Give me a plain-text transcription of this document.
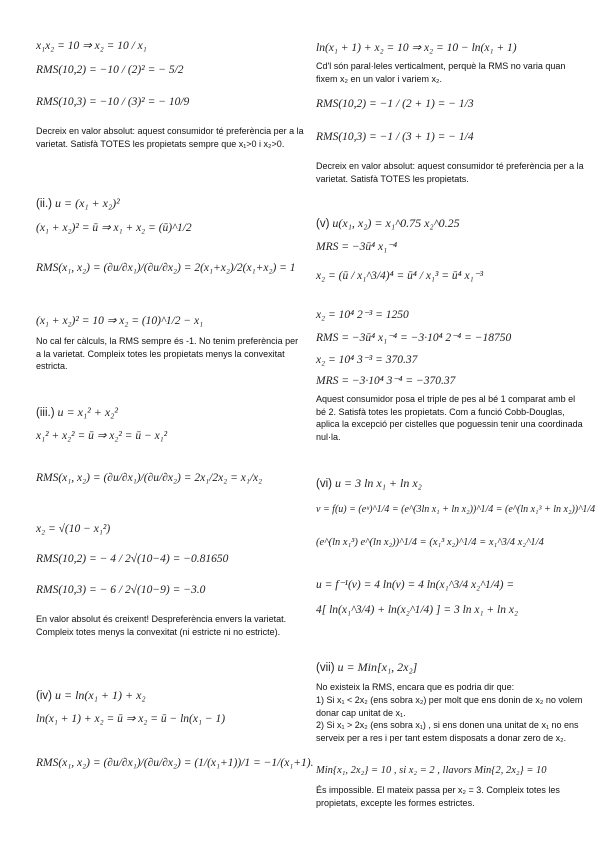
x₁x₂ = 10 ⇒ x₂ = 10 / x₁
RMS(10,2) = −10 / (2)² = − 5/2
RMS(10,3) = −10 / (3)² = − 10/9
Decreix en valor absolut: aquest consumidor té preferència per a la varietat. Satisfà TOTES les propietats sempre que x₁>0 i x₂>0.
(ii.) u = (x₁ + x₂)²
(x₁ + x₂)² = ū ⇒ x₁ + x₂ = (ū)^1/2
RMS(x₁, x₂) = (∂u/∂x₁)/(∂u/∂x₂) = 2(x₁+x₂)/2(x₁+x₂) = 1
(x₁ + x₂)² = 10 ⇒ x₂ = (10)^1/2 − x₁
No cal fer càlculs, la RMS sempre és -1. No tenim preferència per a la varietat. Compleix totes les propietats menys la convexitat estricta.
(iii.) u = x₁² + x₂²
x₁² + x₂² = ū ⇒ x₂² = ū − x₁²
RMS(x₁, x₂) = (∂u/∂x₁)/(∂u/∂x₂) = 2x₁/2x₂ = x₁/x₂
x₂ = √(10 − x₁²)
RMS(10,2) = − 4 / 2√(10−4) = −0.81650
RMS(10,3) = − 6 / 2√(10−9) = −3.0
En valor absolut és creixent! Despreferència envers la varietat. Compleix totes menys la convexitat (ni estricte ni no estricte).
(iv) u = ln(x₁ + 1) + x₂
ln(x₁ + 1) + x₂ = ū ⇒ x₂ = ū − ln(x₁ − 1)
RMS(x₁, x₂) = (∂u/∂x₁)/(∂u/∂x₂) = (1/(x₁+1))/1 = −1/(x₁+1).
ln(x₁ + 1) + x₂ = 10 ⇒ x₂ = 10 − ln(x₁ + 1)
Cd'l són paral·leles verticalment, perquè la RMS no varia quan fixem x₂ en un valor i variem x₂.
RMS(10,2) = −1 / (2 + 1) = − 1/3
RMS(10,3) = −1 / (3 + 1) = − 1/4
Decreix en valor absolut: aquest consumidor té preferència per a la varietat. Satisfà TOTES les propietats.
(v) u(x₁, x₂) = x₁^0.75 x₂^0.25
MRS = −3ū⁴ x₁⁻⁴
x₂ = (ū / x₁^3/4)⁴ = ū⁴ / x₁³ = ū⁴ x₁⁻³
x₂ = 10⁴ 2⁻³ = 1250
RMS = −3ū⁴ x₁⁻⁴ = −3·10⁴ 2⁻⁴ = −18750
x₂ = 10⁴ 3⁻³ = 370.37
MRS = −3·10⁴ 3⁻⁴ = −370.37
Aquest consumidor posa el triple de pes al bé 1 comparat amb el bé 2. Satisfà totes les propietats. Com a funció Cobb-Douglas, aplica la excepció per cistelles que poguessin tenir una coordinada nul·la.
(vi) u = 3 ln x₁ + ln x₂
v = f(u) = (eᵘ)^1/4 = (e^(3ln x₁ + ln x₂))^1/4 = (e^(ln x₁³ + ln x₂))^1/4
(e^(ln x₁³) e^(ln x₂))^1/4 = (x₁³ x₂)^1/4 = x₁^3/4 x₂^1/4
u = f⁻¹(v) = 4 ln(v) = 4 ln(x₁^3/4 x₂^1/4) =
4[ ln(x₁^3/4) + ln(x₂^1/4) ] = 3 ln x₁ + ln x₂
(vii) u = Min[x₁, 2x₂]
No existeix la RMS, encara que es podria dir que:
1) Si x₁ < 2x₂ (ens sobra x₂) per molt que ens donin de x₂ no volem donar cap unitat de x₁.
2) Si x₁ > 2x₂ (ens sobra x₁) , si ens donen una unitat de x₁ no ens serveix per a res i per tant estem disposats a donar zero de x₂.
Min{x₁, 2x₂} = 10 , si x₂ = 2 , llavors Min{2, 2x₂} = 10
És impossible. El mateix passa per x₂ = 3. Compleix totes les propietats, excepte les formes estrictes.
